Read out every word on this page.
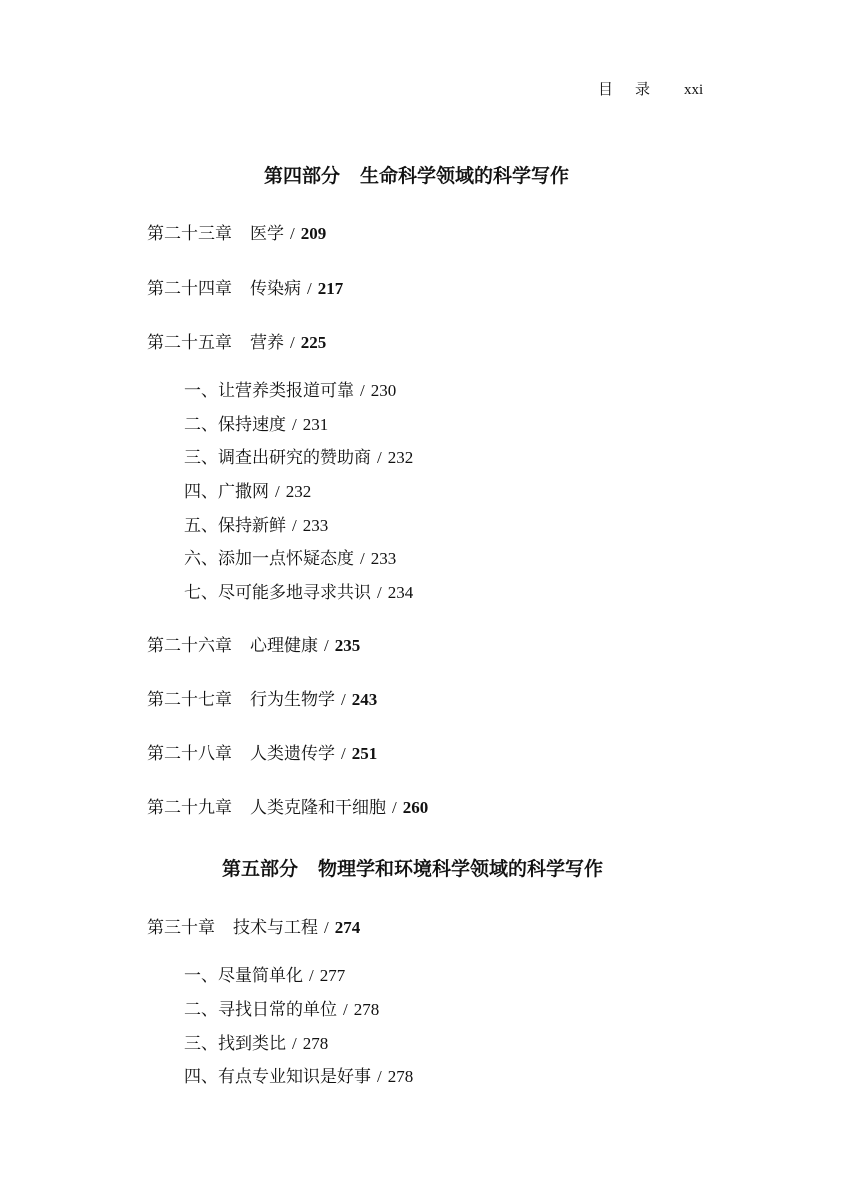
目录 xxi
第四部分 生命科学领域的科学写作
第二十三章 医学 / 209
第二十四章 传染病 / 217
第二十五章 营养 / 225
一、让营养类报道可靠 / 230
二、保持速度 / 231
三、调查出研究的赞助商 / 232
四、广撒网 / 232
五、保持新鲜 / 233
六、添加一点怀疑态度 / 233
七、尽可能多地寻求共识 / 234
第二十六章 心理健康 / 235
第二十七章 行为生物学 / 243
第二十八章 人类遗传学 / 251
第二十九章 人类克隆和干细胞 / 260
第五部分 物理学和环境科学领域的科学写作
第三十章 技术与工程 / 274
一、尽量简单化 / 277
二、寻找日常的单位 / 278
三、找到类比 / 278
四、有点专业知识是好事 / 278
